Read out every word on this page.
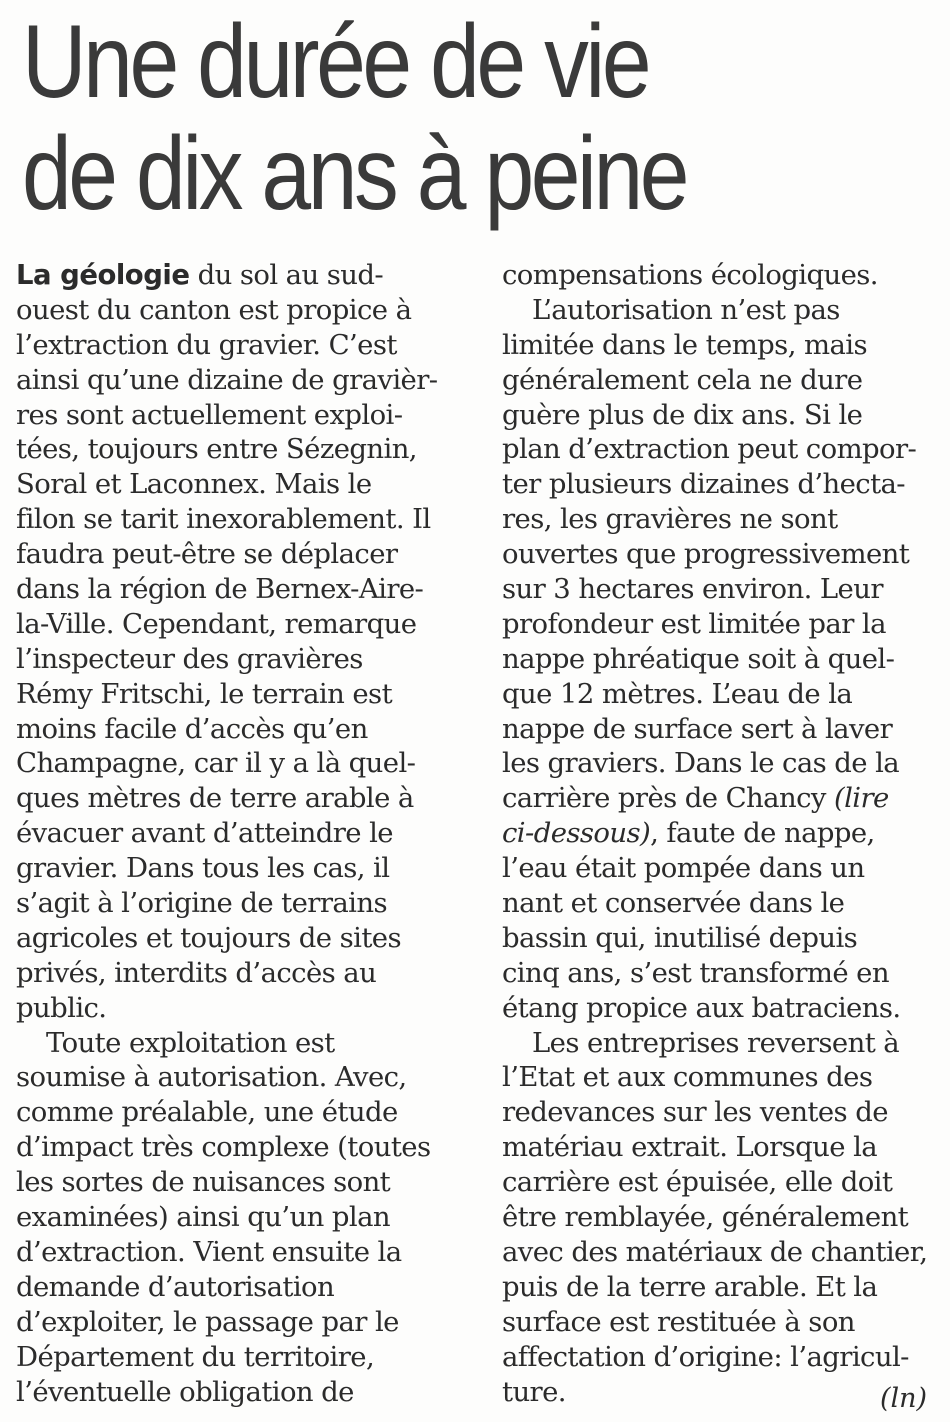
Une durée de vie
de dix ans à peine
La géologie du sol au sud-
ouest du canton est propice à
l’extraction du gravier. C’est
ainsi qu’une dizaine de gravièr-
res sont actuellement exploi-
tées, toujours entre Sézegnin,
Soral et Laconnex. Mais le
filon se tarit inexorablement. Il
faudra peut-être se déplacer
dans la région de Bernex-Aire-
la-Ville. Cependant, remarque
l’inspecteur des gravières
Rémy Fritschi, le terrain est
moins facile d’accès qu’en
Champagne, car il y a là quel-
ques mètres de terre arable à
évacuer avant d’atteindre le
gravier. Dans tous les cas, il
s’agit à l’origine de terrains
agricoles et toujours de sites
privés, interdits d’accès au
public.
Toute exploitation est
soumise à autorisation. Avec,
comme préalable, une étude
d’impact très complexe (toutes
les sortes de nuisances sont
examinées) ainsi qu’un plan
d’extraction. Vient ensuite la
demande d’autorisation
d’exploiter, le passage par le
Département du territoire,
l’éventuelle obligation de
compensations écologiques.
L’autorisation n’est pas
limitée dans le temps, mais
généralement cela ne dure
guère plus de dix ans. Si le
plan d’extraction peut compor-
ter plusieurs dizaines d’hecta-
res, les gravières ne sont
ouvertes que progressivement
sur 3 hectares environ. Leur
profondeur est limitée par la
nappe phréatique soit à quel-
que 12 mètres. L’eau de la
nappe de surface sert à laver
les graviers. Dans le cas de la
carrière près de Chancy (lire
ci-dessous), faute de nappe,
l’eau était pompée dans un
nant et conservée dans le
bassin qui, inutilisé depuis
cinq ans, s’est transformé en
étang propice aux batraciens.
Les entreprises reversent à
l’Etat et aux communes des
redevances sur les ventes de
matériau extrait. Lorsque la
carrière est épuisée, elle doit
être remblayée, généralement
avec des matériaux de chantier,
puis de la terre arable. Et la
surface est restituée à son
affectation d’origine: l’agricul-
ture.	(ln)
